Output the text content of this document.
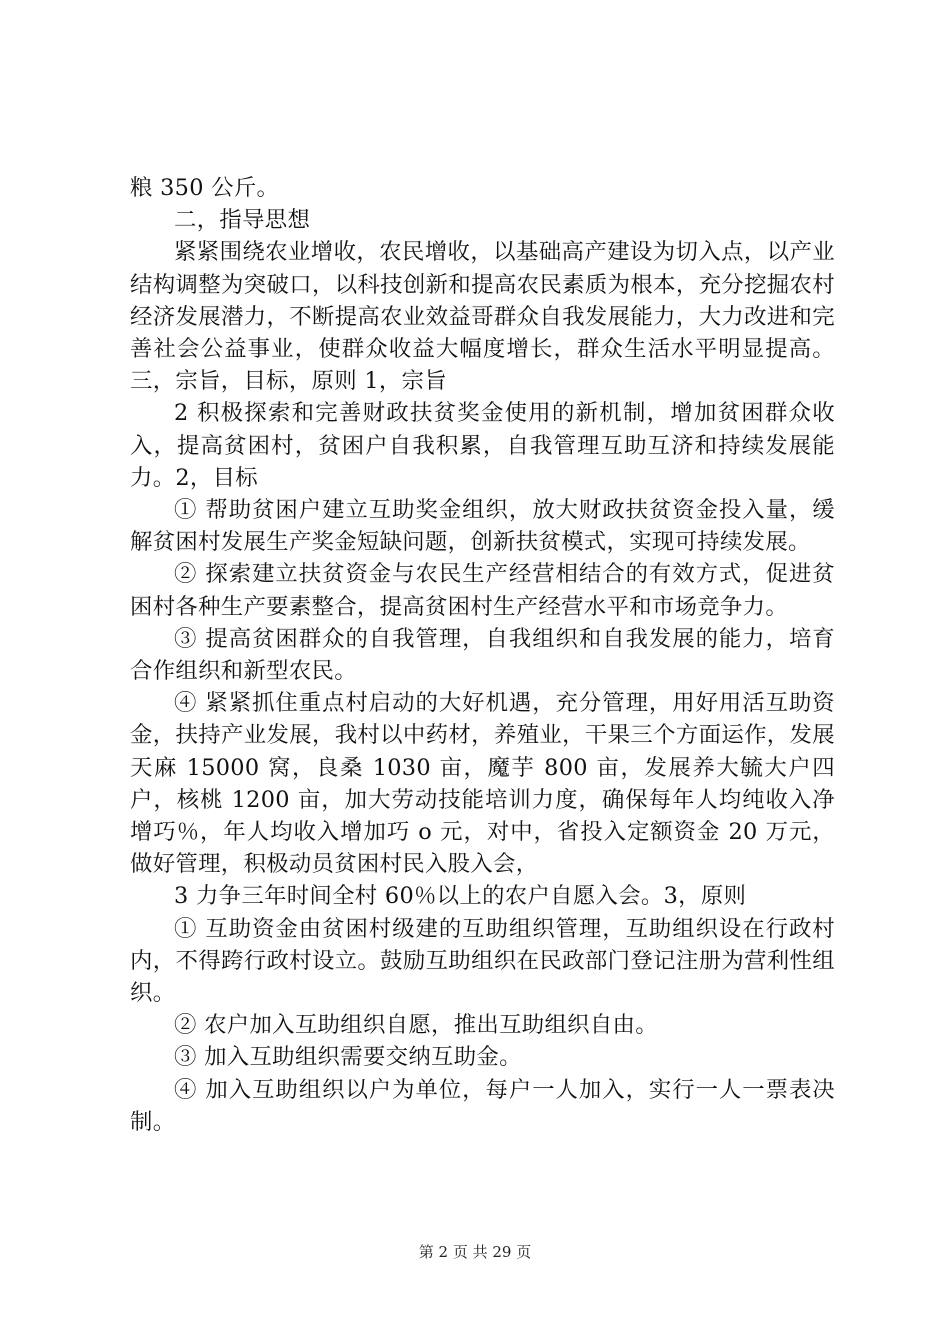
粮 350 公斤。

二，指导思想

紧紧围绕农业增收，农民增收，以基础高产建设为切入点，以产业结构调整为突破口，以科技创新和提高农民素质为根本，充分挖掘农村经济发展潜力，不断提高农业效益哥群众自我发展能力，大力改进和完善社会公益事业，使群众收益大幅度增长，群众生活水平明显提高。三，宗旨，目标，原则 1，宗旨

2 积极探索和完善财政扶贫奖金使用的新机制，增加贫困群众收入，提高贫困村，贫困户自我积累，自我管理互助互济和持续发展能力。2，目标

① 帮助贫困户建立互助奖金组织，放大财政扶贫资金投入量，缓解贫困村发展生产奖金短缺问题，创新扶贫模式，实现可持续发展。

② 探索建立扶贫资金与农民生产经营相结合的有效方式，促进贫困村各种生产要素整合，提高贫困村生产经营水平和市场竞争力。

③ 提高贫困群众的自我管理，自我组织和自我发展的能力，培育合作组织和新型农民。

④ 紧紧抓住重点村启动的大好机遇，充分管理，用好用活互助资金，扶持产业发展，我村以中药材，养殖业，干果三个方面运作，发展天麻 15000 窝，良桑 1030 亩，魔芋 800 亩，发展养大毓大户四户，核桃 1200 亩，加大劳动技能培训力度，确保每年人均纯收入净增巧％，年人均收入增加巧 o 元，对中，省投入定额资金 20 万元，做好管理，积极动员贫困村民入股入会，

3 力争三年时间全村 60％以上的农户自愿入会。3，原则

① 互助资金由贫困村级建的互助组织管理，互助组织设在行政村内，不得跨行政村设立。鼓励互助组织在民政部门登记注册为营利性组织。

② 农户加入互助组织自愿，推出互助组织自由。

③ 加入互助组织需要交纳互助金。

④ 加入互助组织以户为单位，每户一人加入，实行一人一票表决制。

第 2 页 共 29 页
